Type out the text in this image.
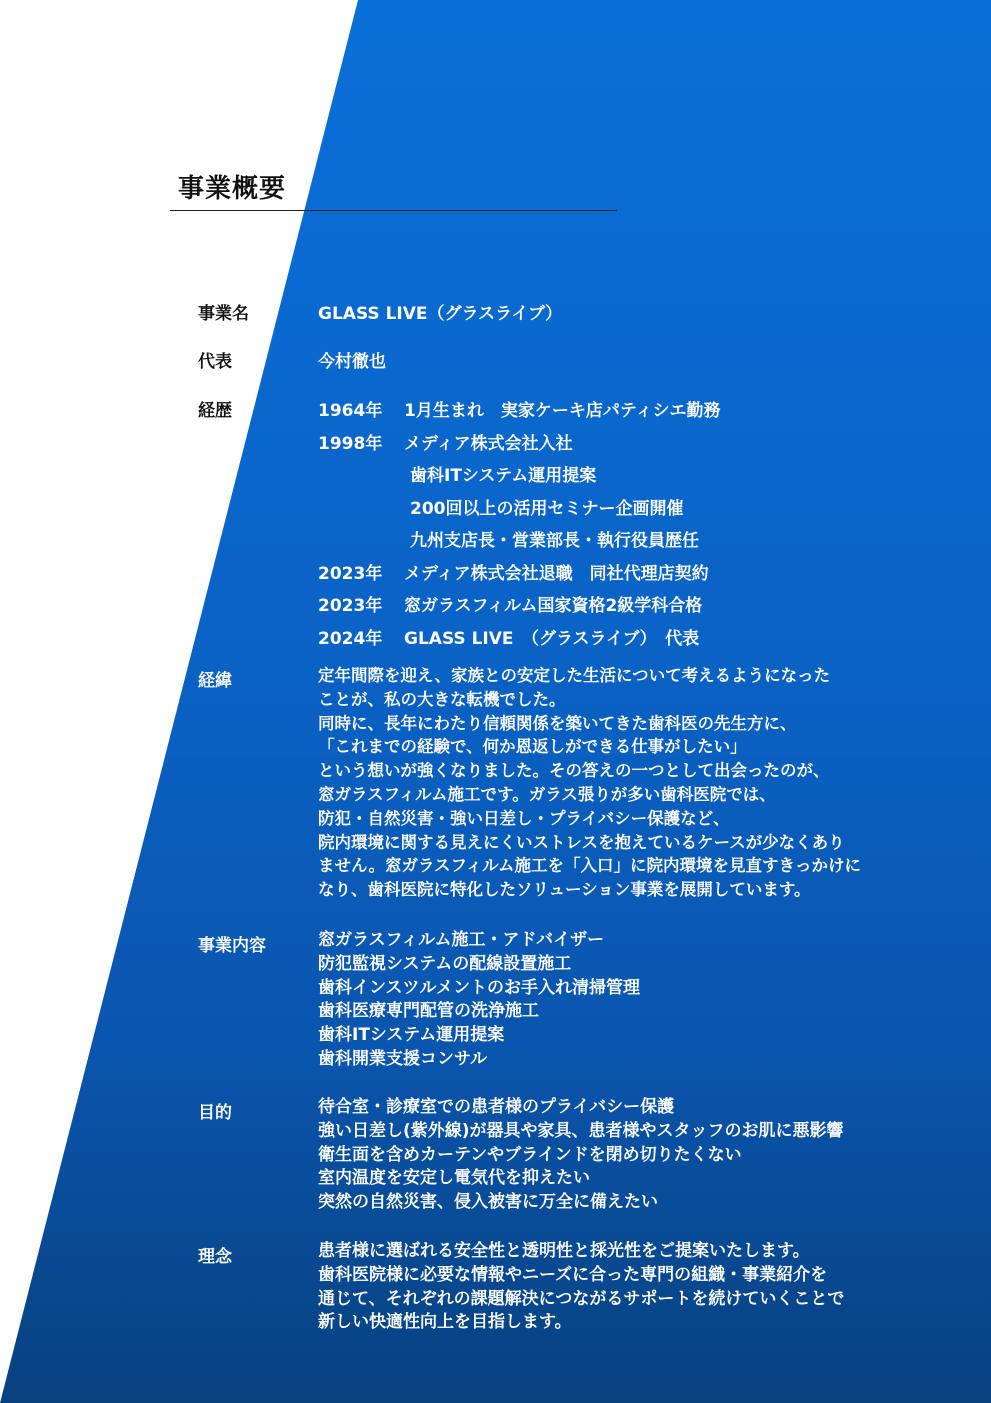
事業概要
事業名	GLASS LIVE（グラスライブ）
代表	今村徹也
経歴	1964年 1月生まれ　実家ケーキ店パティシエ勤務
1998年 メディア株式会社入社
歯科ITシステム運用提案
200回以上の活用セミナー企画開催
九州支店長・営業部長・執行役員歴任
2023年 メディア株式会社退職　同社代理店契約
2023年 窓ガラスフィルム国家資格2級学科合格
2024年 GLASS LIVE　（グラスライブ）　代表
経緯	定年間際を迎え、家族との安定した生活について考えるようになった
ことが、私の大きな転機でした。
同時に、長年にわたり信頼関係を築いてきた歯科医の先生方に、
「これまでの経験で、何か恩返しができる仕事がしたい」
という想いが強くなりました。その答えの一つとして出会ったのが、
窓ガラスフィルム施工です。ガラス張りが多い歯科医院では、
防犯・自然災害・強い日差し・プライバシー保護など、
院内環境に関する見えにくいストレスを抱えているケースが少なくあり
ません。窓ガラスフィルム施工を「入口」に院内環境を見直すきっかけに
なり、歯科医院に特化したソリューション事業を展開しています。
事業内容	窓ガラスフィルム施工・アドバイザー
防犯監視システムの配線設置施工
歯科インスツルメントのお手入れ清掃管理
歯科医療専門配管の洗浄施工
歯科ITシステム運用提案
歯科開業支援コンサル
目的	待合室・診療室での患者様のプライバシー保護
強い日差し(紫外線)が器具や家具、患者様やスタッフのお肌に悪影響
衛生面を含めカーテンやブラインドを閉め切りたくない
室内温度を安定し電気代を抑えたい
突然の自然災害、侵入被害に万全に備えたい
理念	患者様に選ばれる安全性と透明性と採光性をご提案いたします。
歯科医院様に必要な情報やニーズに合った専門の組織・事業紹介を
通じて、それぞれの課題解決につながるサポートを続けていくことで
新しい快適性向上を目指します。
